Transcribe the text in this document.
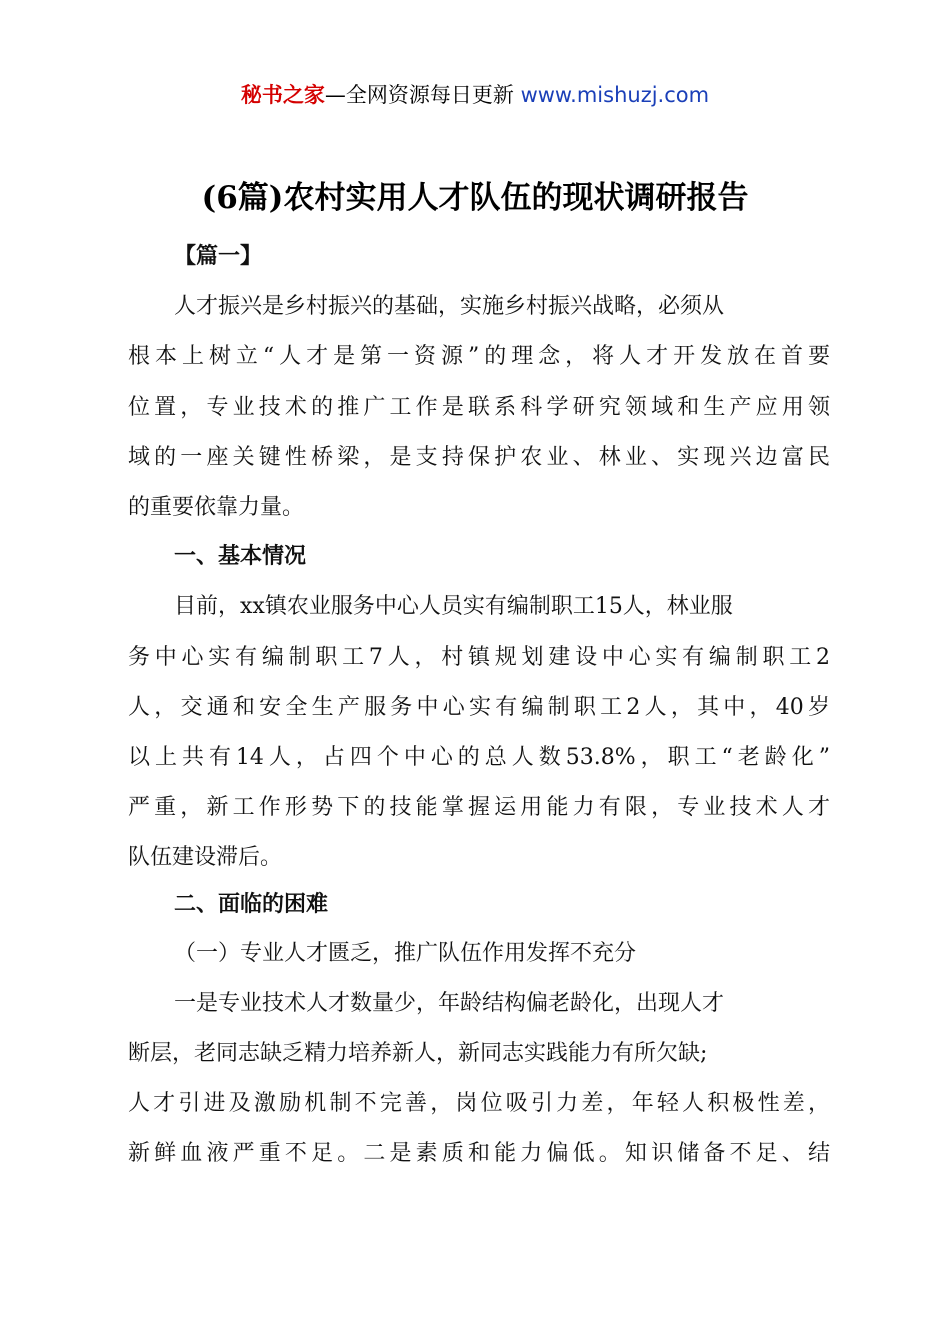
秘书之家—全网资源每日更新 www.mishuzj.com
(6篇)农村实用人才队伍的现状调研报告
【篇一】
人才振兴是乡村振兴的基础，实施乡村振兴战略，必须从
根本上树立“人才是第一资源”的理念，将人才开发放在首要
位置，专业技术的推广工作是联系科学研究领域和生产应用领
域的一座关键性桥梁，是支持保护农业、林业、实现兴边富民
的重要依靠力量。
一、基本情况
目前，xx镇农业服务中心人员实有编制职工15人，林业服
务中心实有编制职工7人，村镇规划建设中心实有编制职工2
人，交通和安全生产服务中心实有编制职工2人，其中，40岁
以上共有14人，占四个中心的总人数53.8%，职工“老龄化”
严重，新工作形势下的技能掌握运用能力有限，专业技术人才
队伍建设滞后。
二、面临的困难
（一）专业人才匮乏，推广队伍作用发挥不充分
一是专业技术人才数量少，年龄结构偏老龄化，出现人才
断层，老同志缺乏精力培养新人，新同志实践能力有所欠缺;
人才引进及激励机制不完善，岗位吸引力差，年轻人积极性差，
新鲜血液严重不足。二是素质和能力偏低。知识储备不足、结
